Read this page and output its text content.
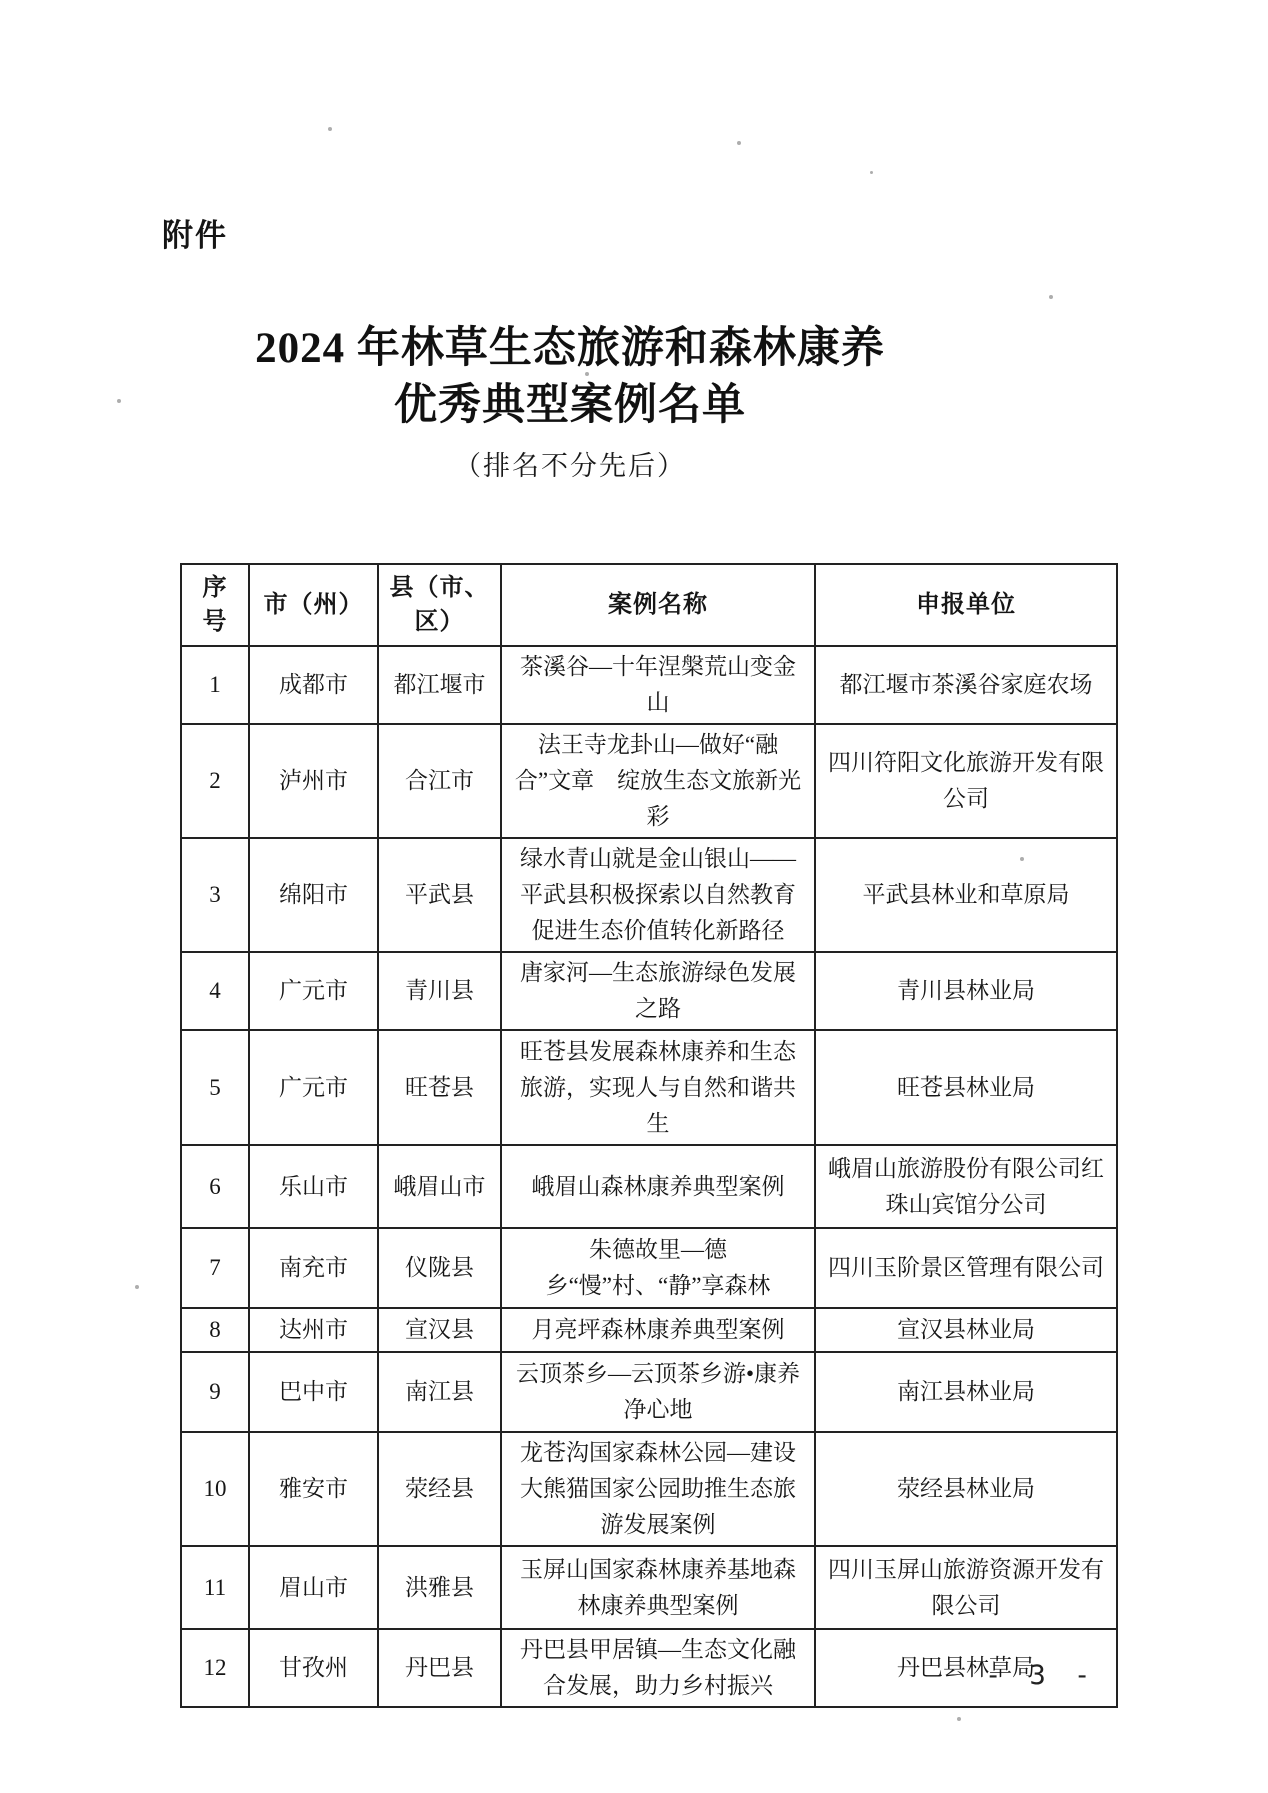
附件
2024 年林草生态旅游和森林康养
优秀典型案例名单
（排名不分先后）
序号	市（州）	县（市、区）	案例名称	申报单位
1	成都市	都江堰市	茶溪谷—十年涅槃荒山变金山	都江堰市茶溪谷家庭农场
2	泸州市	合江市	法王寺龙卦山—做好“融合”文章　绽放生态文旅新光彩	四川符阳文化旅游开发有限公司
3	绵阳市	平武县	绿水青山就是金山银山——平武县积极探索以自然教育促进生态价值转化新路径	平武县林业和草原局
4	广元市	青川县	唐家河—生态旅游绿色发展之路	青川县林业局
5	广元市	旺苍县	旺苍县发展森林康养和生态旅游，实现人与自然和谐共生	旺苍县林业局
6	乐山市	峨眉山市	峨眉山森林康养典型案例	峨眉山旅游股份有限公司红珠山宾馆分公司
7	南充市	仪陇县	朱德故里—德乡“慢”村、“静”享森林	四川玉阶景区管理有限公司
8	达州市	宣汉县	月亮坪森林康养典型案例	宣汉县林业局
9	巴中市	南江县	云顶茶乡—云顶茶乡游•康养净心地	南江县林业局
10	雅安市	荥经县	龙苍沟国家森林公园—建设大熊猫国家公园助推生态旅游发展案例	荥经县林业局
11	眉山市	洪雅县	玉屏山国家森林康养基地森林康养典型案例	四川玉屏山旅游资源开发有限公司
12	甘孜州	丹巴县	丹巴县甲居镇—生态文化融合发展，助力乡村振兴	丹巴县林草局
- 3 -
